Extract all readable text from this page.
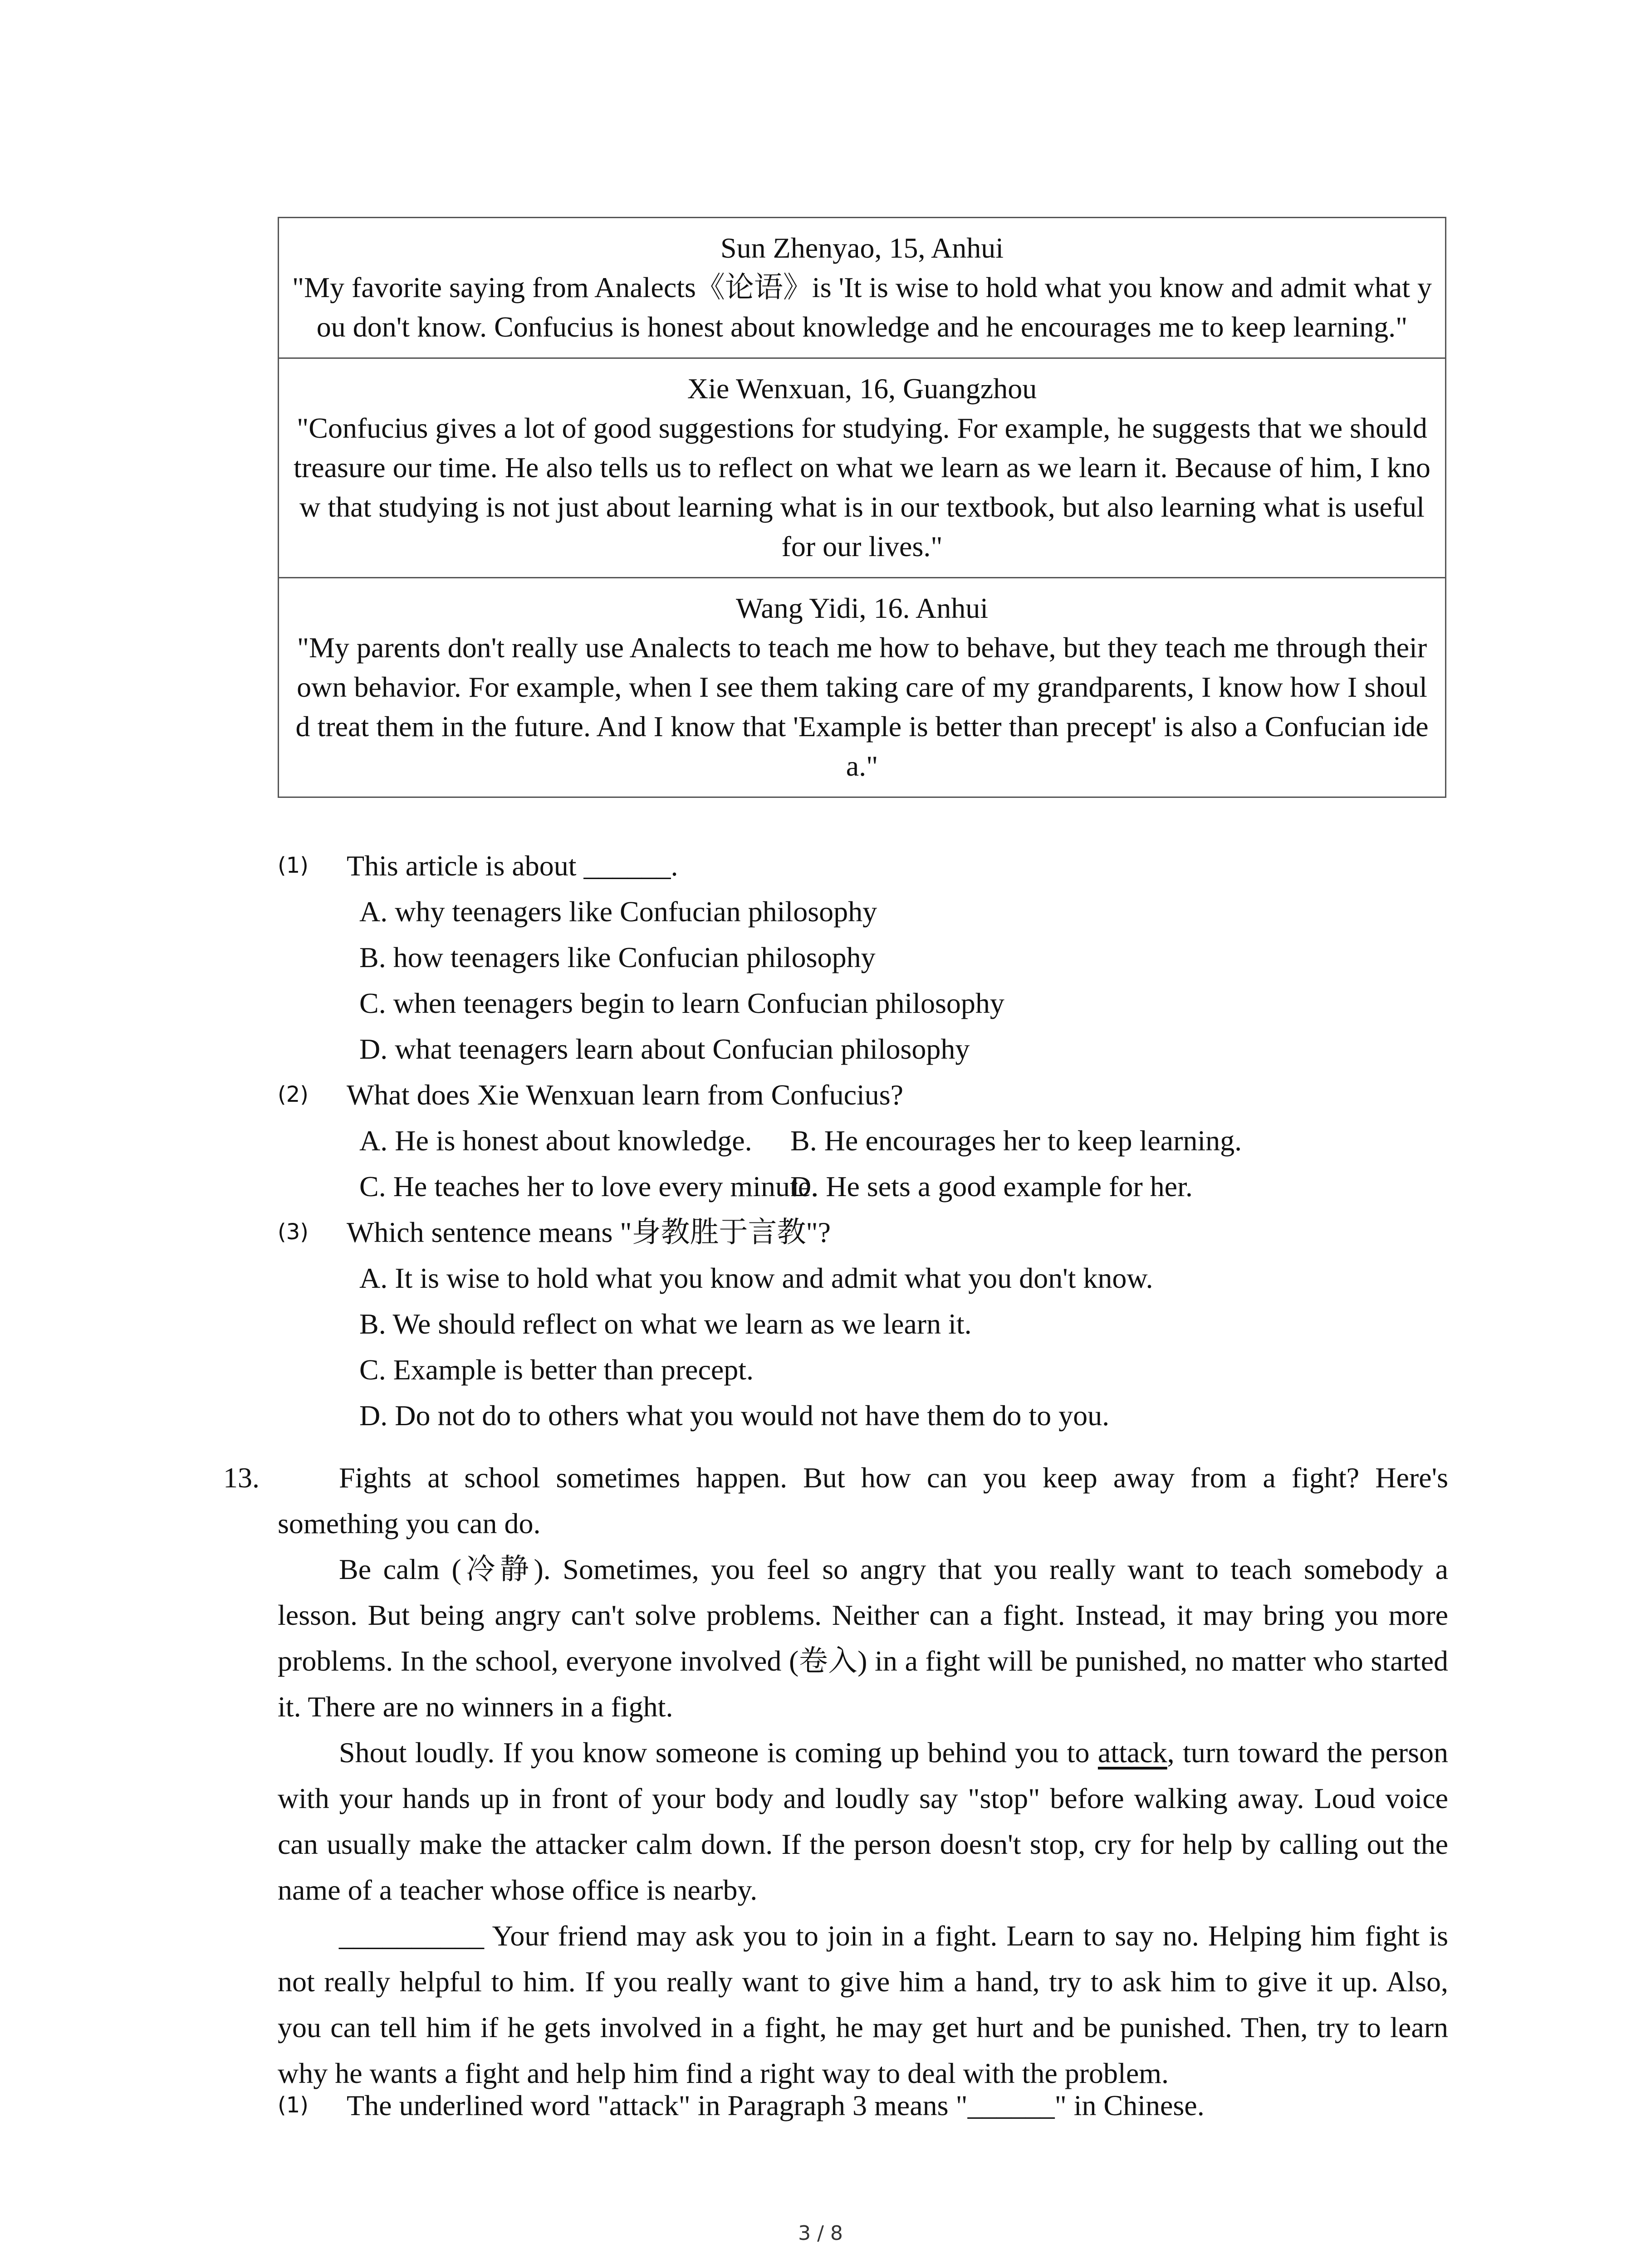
Sun Zhenyao, 15, Anhui
"My favorite saying from Analects《论语》is 'It is wise to hold what you know and admit what you don't know. Confucius is honest about knowledge and he encourages me to keep learning."

Xie Wenxuan, 16, Guangzhou
"Confucius gives a lot of good suggestions for studying. For example, he suggests that we should treasure our time. He also tells us to reflect on what we learn as we learn it. Because of him, I know that studying is not just about learning what is in our textbook, but also learning what is useful for our lives."

Wang Yidi, 16. Anhui
"My parents don't really use Analects to teach me how to behave, but they teach me through their own behavior. For example, when I see them taking care of my grandparents, I know how I should treat them in the future. And I know that 'Example is better than precept' is also a Confucian idea."
(1) This article is about ______.
A. why teenagers like Confucian philosophy
B. how teenagers like Confucian philosophy
C. when teenagers begin to learn Confucian philosophy
D. what teenagers learn about Confucian philosophy
(2) What does Xie Wenxuan learn from Confucius?
A. He is honest about knowledge. B. He encourages her to keep learning.
C. He teaches her to love every minute.
D. He sets a good example for her.
(3) Which sentence means "身教胜于言教"?
A. It is wise to hold what you know and admit what you don't know.
B. We should reflect on what we learn as we learn it.
C. Example is better than precept.
D. Do not do to others what you would not have them do to you.
13.	Fights at school sometimes happen. But how can you keep away from a fight? Here's something you can do.

Be calm (冷静). Sometimes, you feel so angry that you really want to teach somebody a lesson. But being angry can't solve problems. Neither can a fight. Instead, it may bring you more problems. In the school, everyone involved (卷入) in a fight will be punished, no matter who started it. There are no winners in a fight.

Shout loudly. If you know someone is coming up behind you to attack, turn toward the person with your hands up in front of your body and loudly say "stop" before walking away. Loud voice can usually make the attacker calm down. If the person doesn't stop, cry for help by calling out the name of a teacher whose office is nearby.

__________ Your friend may ask you to join in a fight. Learn to say no. Helping him fight is not really helpful to him. If you really want to give him a hand, try to ask him to give it up. Also, you can tell him if he gets involved in a fight, he may get hurt and be punished. Then, try to learn why he wants a fight and help him find a right way to deal with the problem.

(1) The underlined word "attack" in Paragraph 3 means "______" in Chinese.
3 / 8
